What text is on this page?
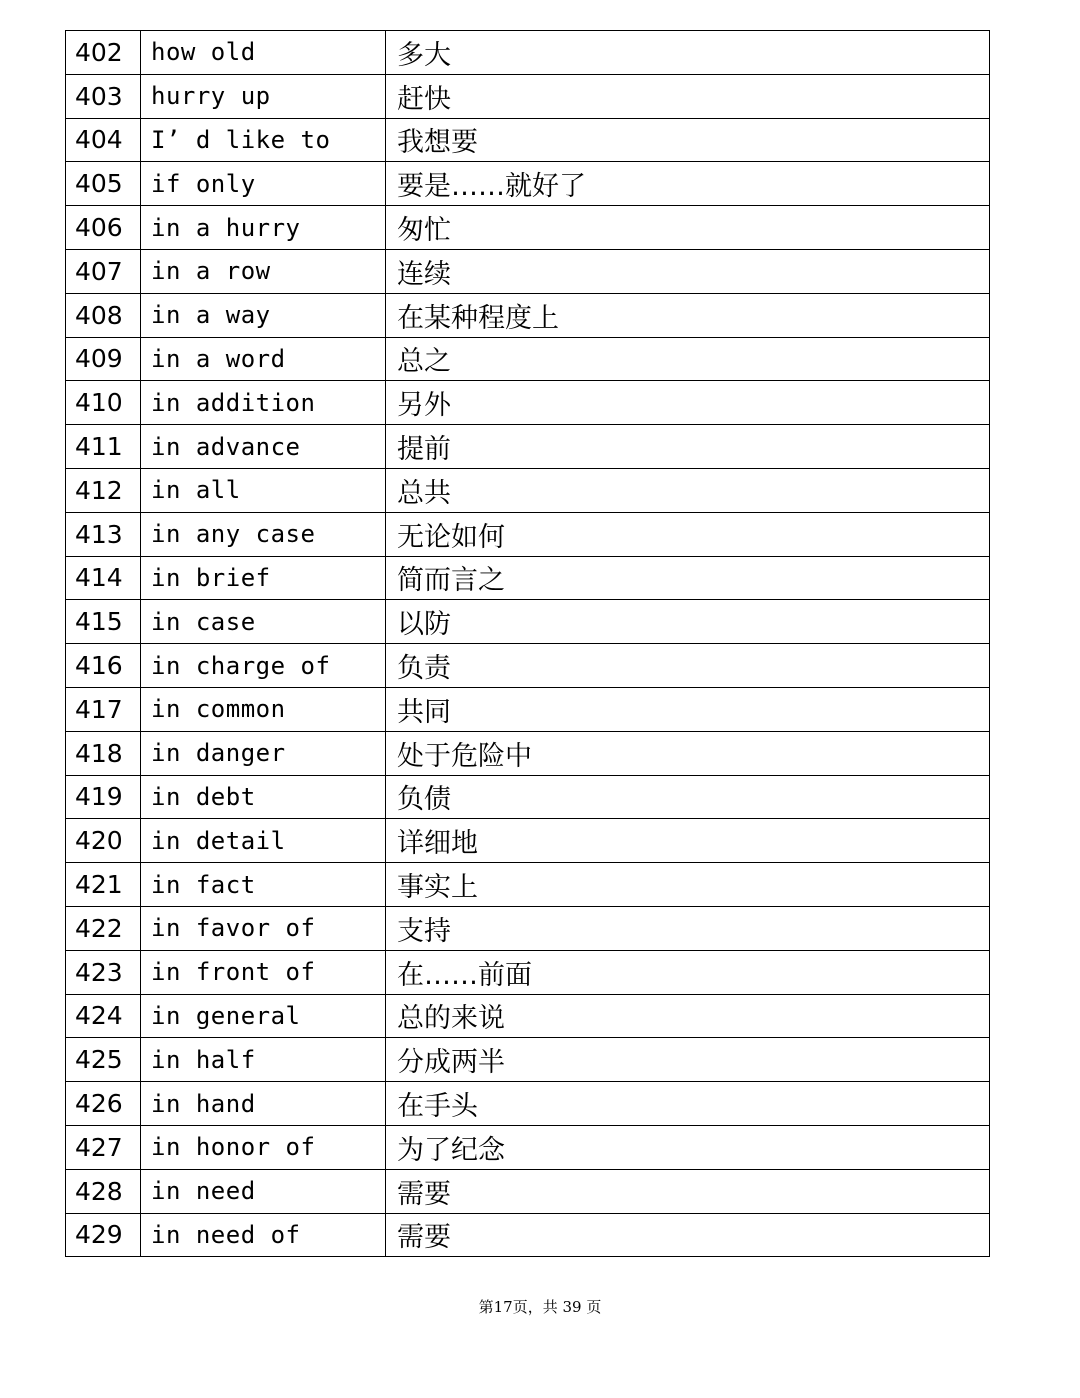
402	how old	多大
403	hurry up	赶快
404	I’ d like to	我想要
405	if only	要是……就好了
406	in a hurry	匆忙
407	in a row	连续
408	in a way	在某种程度上
409	in a word	总之
410	in addition	另外
411	in advance	提前
412	in all	总共
413	in any case	无论如何
414	in brief	简而言之
415	in case	以防
416	in charge of	负责
417	in common	共同
418	in danger	处于危险中
419	in debt	负债
420	in detail	详细地
421	in fact	事实上
422	in favor of	支持
423	in front of	在……前面
424	in general	总的来说
425	in half	分成两半
426	in hand	在手头
427	in honor of	为了纪念
428	in need	需要
429	in need of	需要
第17页，共 39 页
